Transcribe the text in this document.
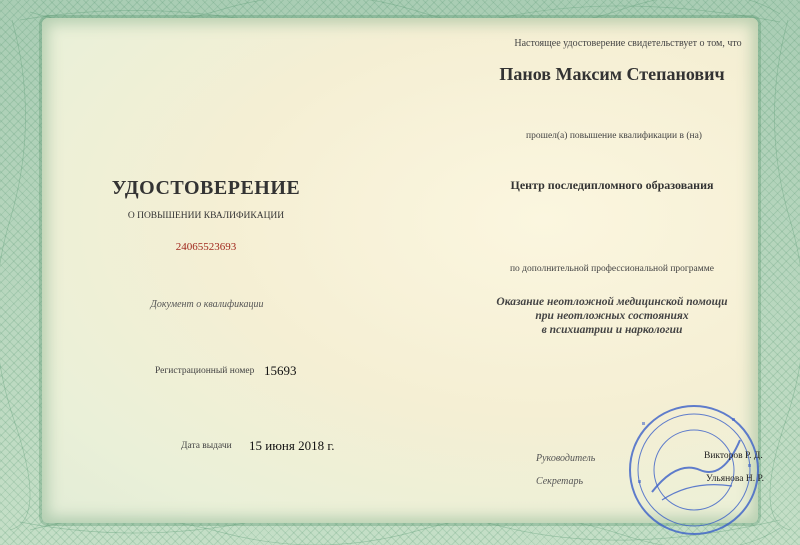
Настоящее удостоверение свидетельствует о том, что
Панов Максим Степанович
прошел(а) повышение квалификации в (на)
Центр последипломного образования
по дополнительной профессиональной программе
Оказание неотложной медицинской помощи
при неотложных состояниях
в психиатрии и наркологии
УДОСТОВЕРЕНИЕ
О ПОВЫШЕНИИ КВАЛИФИКАЦИИ
24065523693
Документ о квалификации
Регистрационный номер 15693
Дата выдачи 15 июня 2018 г.
Руководитель
Секретарь
Викторов Р. Д.
Ульянова Н. Р.
